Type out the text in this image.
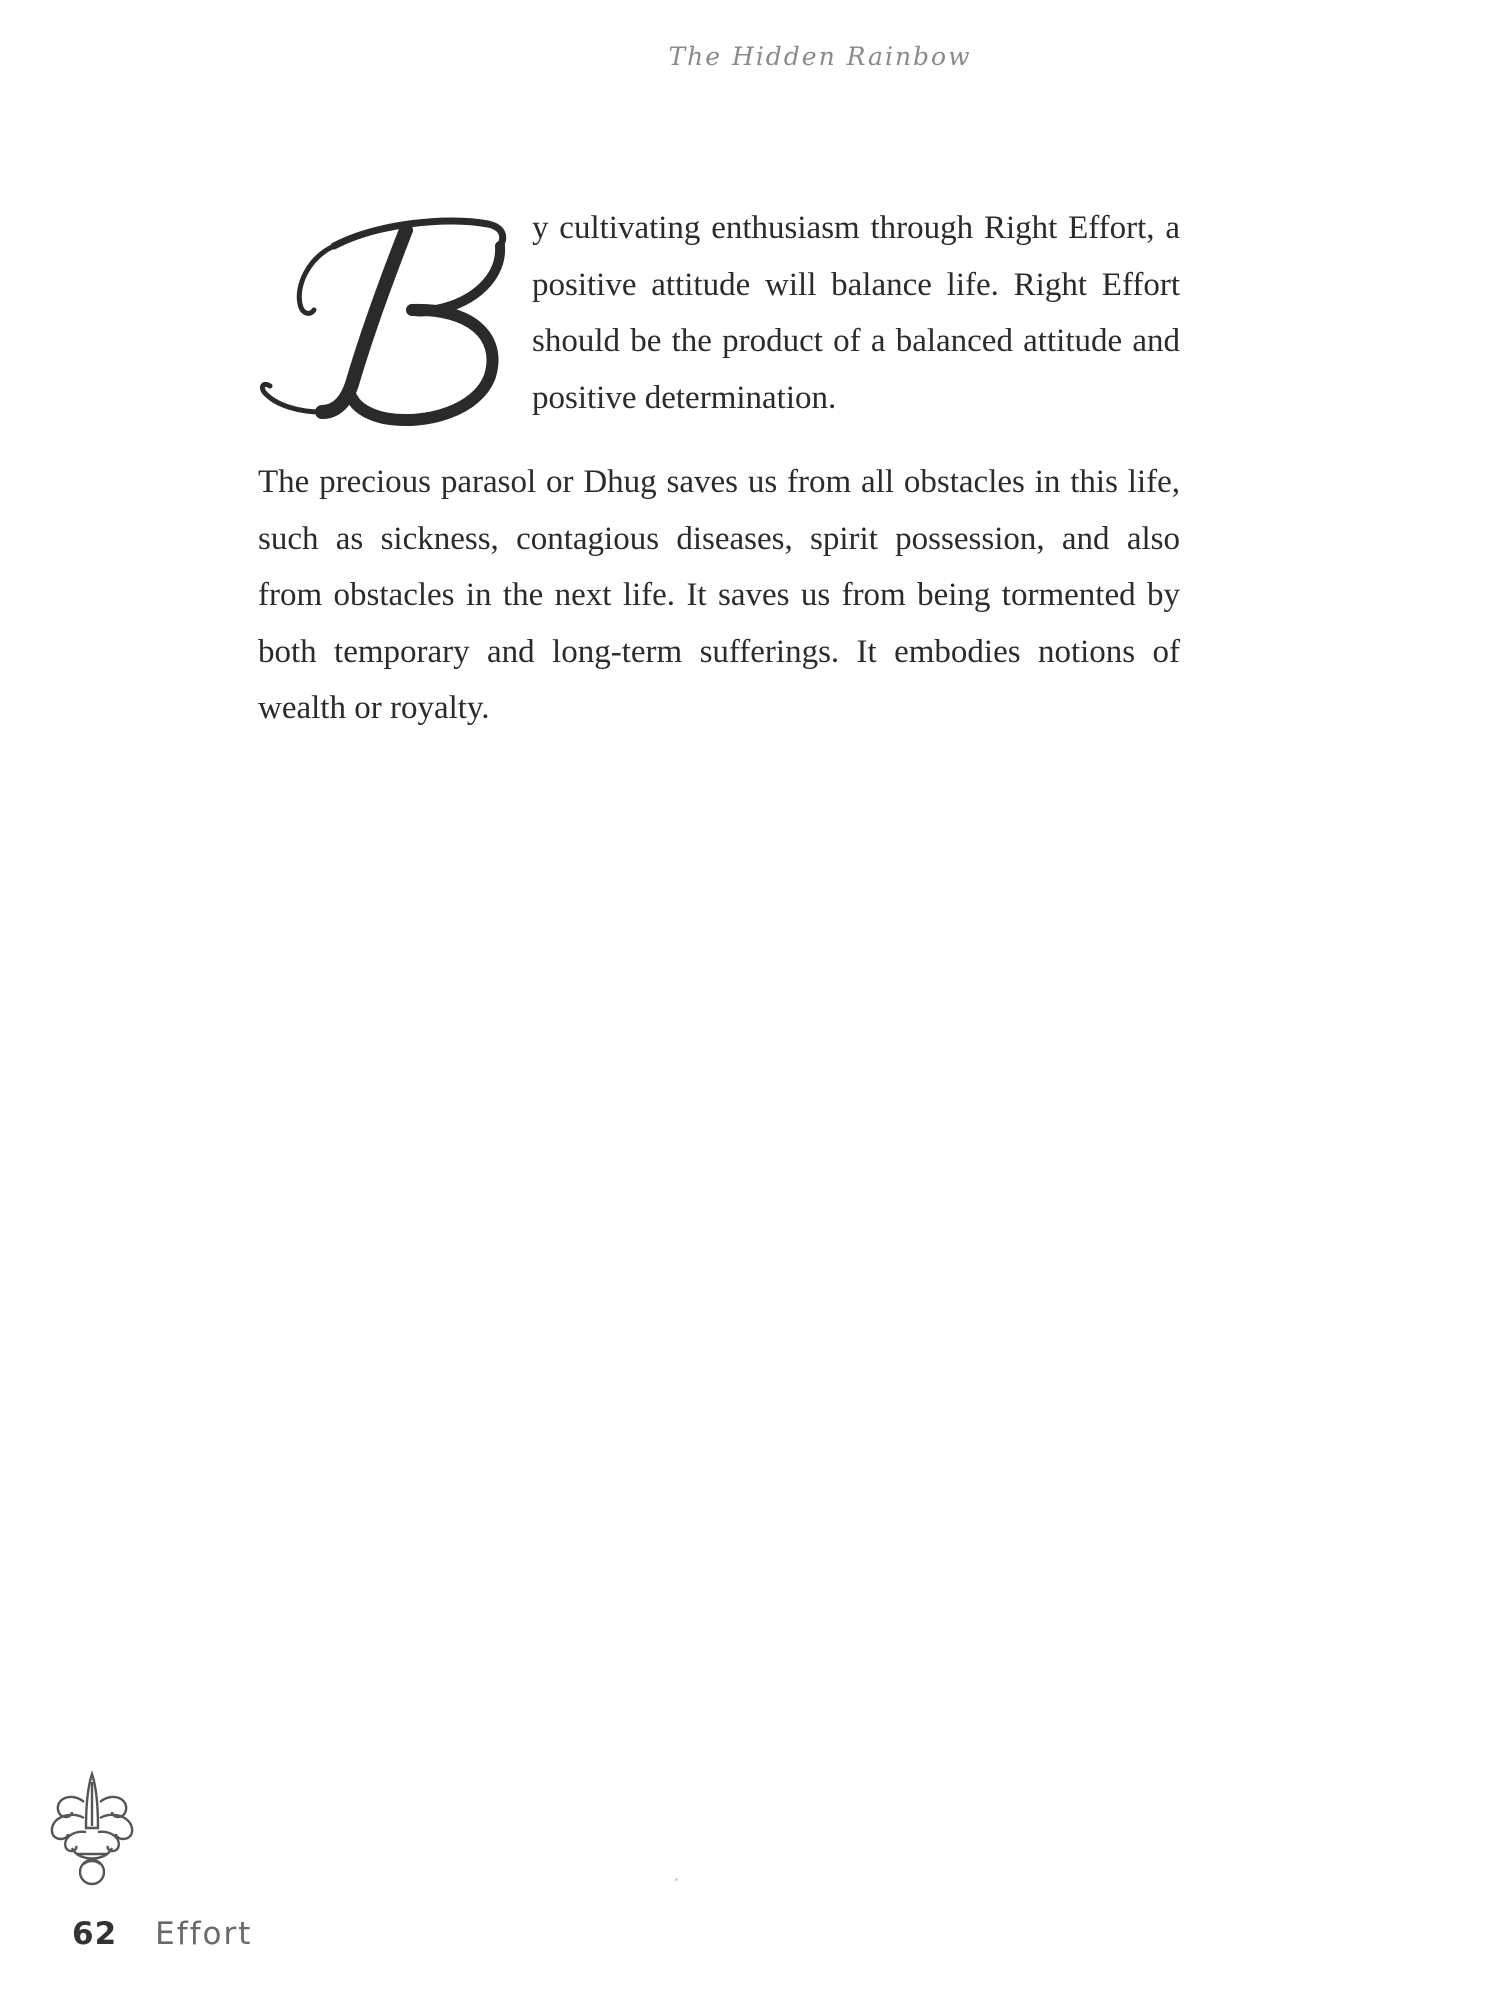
The Hidden Rainbow

y cultivating enthusiasm through Right Effort, a positive attitude will balance life. Right Effort should be the product of a balanced attitude and positive determination.

The precious parasol or Dhug saves us from all obstacles in this life, such as sickness, contagious diseases, spirit possession, and also from obstacles in the next life. It saves us from being tormented by both temporary and long-term sufferings. It embodies notions of wealth or royalty.

62 Effort
